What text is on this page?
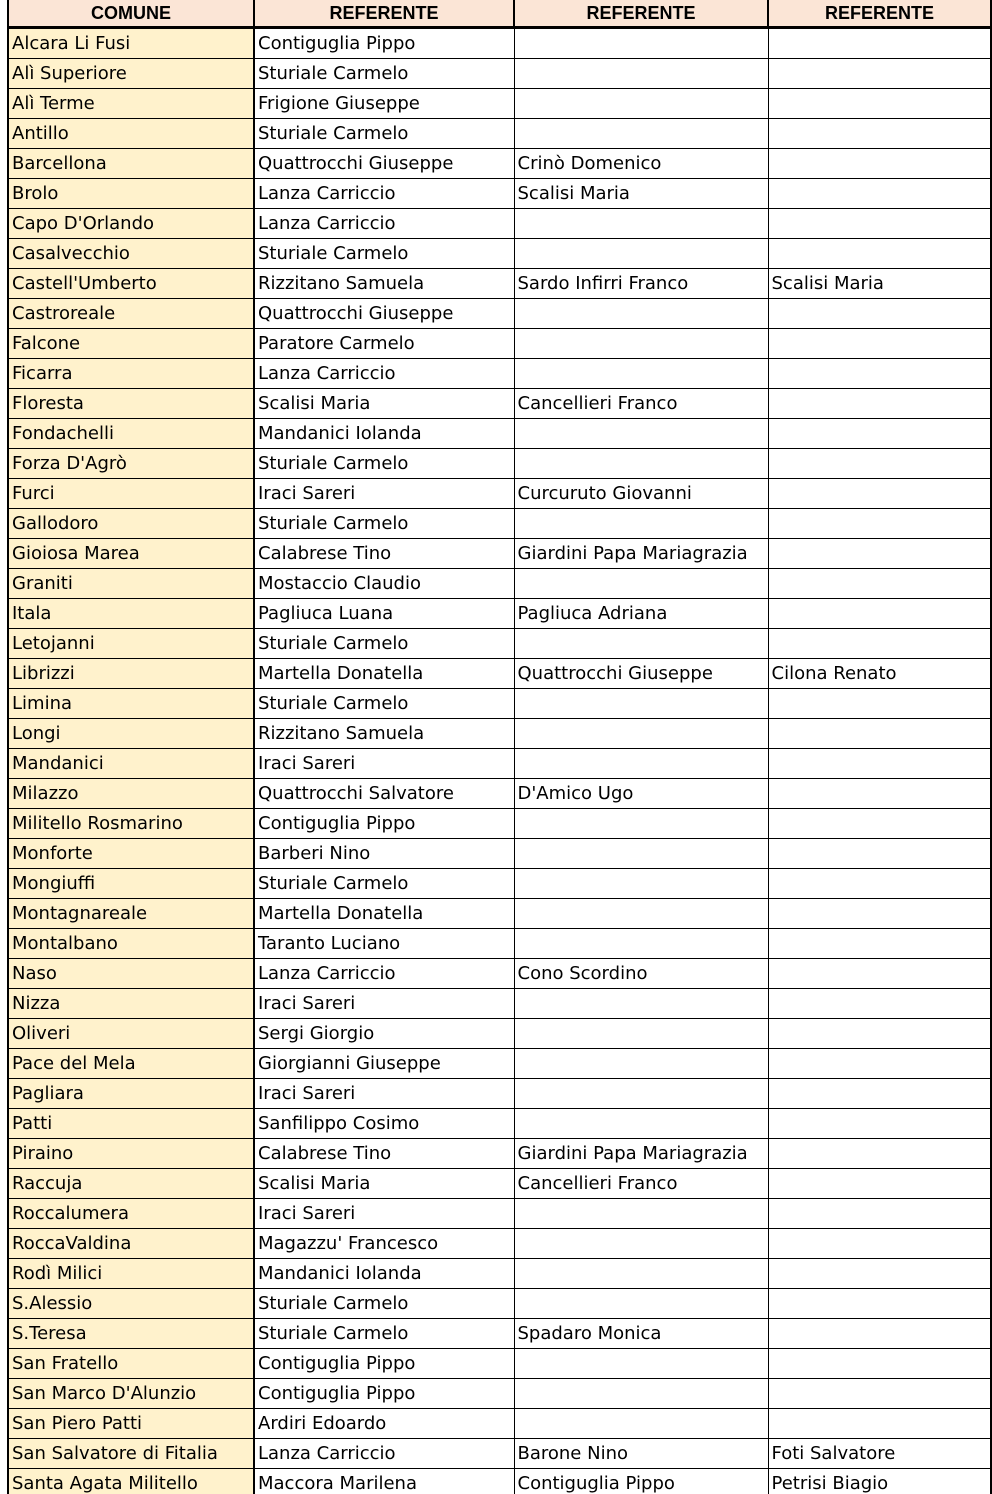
COMUNE	REFERENTE	REFERENTE	REFERENTE
Alcara Li Fusi	Contiguglia Pippo		
Alì Superiore	Sturiale Carmelo		
Alì Terme	Frigione Giuseppe		
Antillo	Sturiale Carmelo		
Barcellona	Quattrocchi Giuseppe	Crinò Domenico	
Brolo	Lanza Carriccio	Scalisi Maria	
Capo D'Orlando	Lanza Carriccio		
Casalvecchio	Sturiale Carmelo		
Castell'Umberto	Rizzitano Samuela	Sardo Infirri Franco	Scalisi Maria
Castroreale	Quattrocchi Giuseppe		
Falcone	Paratore Carmelo		
Ficarra	Lanza Carriccio		
Floresta	Scalisi Maria	Cancellieri Franco	
Fondachelli	Mandanici Iolanda		
Forza D'Agrò	Sturiale Carmelo		
Furci	Iraci Sareri	Curcuruto Giovanni	
Gallodoro	Sturiale Carmelo		
Gioiosa Marea	Calabrese Tino	Giardini Papa Mariagrazia	
Graniti	Mostaccio Claudio		
Itala	Pagliuca Luana	Pagliuca Adriana	
Letojanni	Sturiale Carmelo		
Librizzi	Martella Donatella	Quattrocchi Giuseppe	Cilona Renato
Limina	Sturiale Carmelo		
Longi	Rizzitano Samuela		
Mandanici	Iraci Sareri		
Milazzo	Quattrocchi Salvatore	D'Amico Ugo	
Militello Rosmarino	Contiguglia Pippo		
Monforte	Barberi Nino		
Mongiuffi	Sturiale Carmelo		
Montagnareale	Martella Donatella		
Montalbano	Taranto Luciano		
Naso	Lanza Carriccio	Cono Scordino	
Nizza	Iraci Sareri		
Oliveri	Sergi Giorgio		
Pace del Mela	Giorgianni Giuseppe		
Pagliara	Iraci Sareri		
Patti	Sanfilippo Cosimo		
Piraino	Calabrese Tino	Giardini Papa Mariagrazia	
Raccuja	Scalisi Maria	Cancellieri Franco	
Roccalumera	Iraci Sareri		
RoccaValdina	Magazzu' Francesco		
Rodì Milici	Mandanici Iolanda		
S.Alessio	Sturiale Carmelo		
S.Teresa	Sturiale Carmelo	Spadaro Monica	
San Fratello	Contiguglia Pippo		
San Marco D'Alunzio	Contiguglia Pippo		
San Piero Patti	Ardiri Edoardo		
San Salvatore di Fitalia	Lanza Carriccio	Barone Nino	Foti Salvatore
Santa Agata Militello	Maccora Marilena	Contiguglia Pippo	Petrisi Biagio
